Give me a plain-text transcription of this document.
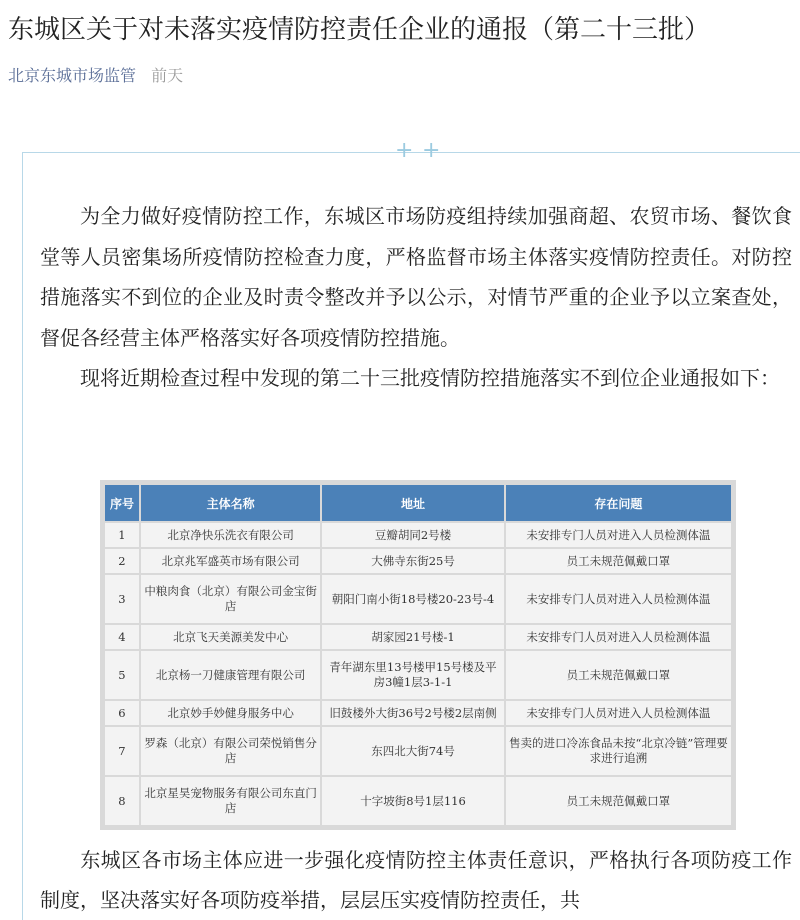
东城区关于对未落实疫情防控责任企业的通报（第二十三批）
北京东城市场监管 前天
+ +

为全力做好疫情防控工作，东城区市场防疫组持续加强商超、农贸市场、餐饮食堂等人员密集场所疫情防控检查力度，严格监督市场主体落实疫情防控责任。对防控措施落实不到位的企业及时责令整改并予以公示，对情节严重的企业予以立案查处，督促各经营主体严格落实好各项疫情防控措施。

现将近期检查过程中发现的第二十三批疫情防控措施落实不到位企业通报如下：

序号	主体名称	地址	存在问题
1	北京净快乐洗衣有限公司	豆瓣胡同2号楼	未安排专门人员对进入人员检测体温
2	北京兆军盛英市场有限公司	大佛寺东街25号	员工未规范佩戴口罩
3	中粮肉食（北京）有限公司金宝街店	朝阳门南小街18号楼20-23号-4	未安排专门人员对进入人员检测体温
4	北京飞天美源美发中心	胡家园21号楼-1	未安排专门人员对进入人员检测体温
5	北京杨一刀健康管理有限公司	青年湖东里13号楼甲15号楼及平房3幢1层3-1-1	员工未规范佩戴口罩
6	北京妙手妙健身服务中心	旧鼓楼外大街36号2号楼2层南侧	未安排专门人员对进入人员检测体温
7	罗森（北京）有限公司荣悦销售分店	东四北大街74号	售卖的进口冷冻食品未按“北京冷链”管理要求进行追溯
8	北京星昊宠物服务有限公司东直门店	十字坡街8号1层116	员工未规范佩戴口罩
东城区各市场主体应进一步强化疫情防控主体责任意识，严格执行各项防疫工作制度，坚决落实好各项防疫举措，层层压实疫情防控责任，共
